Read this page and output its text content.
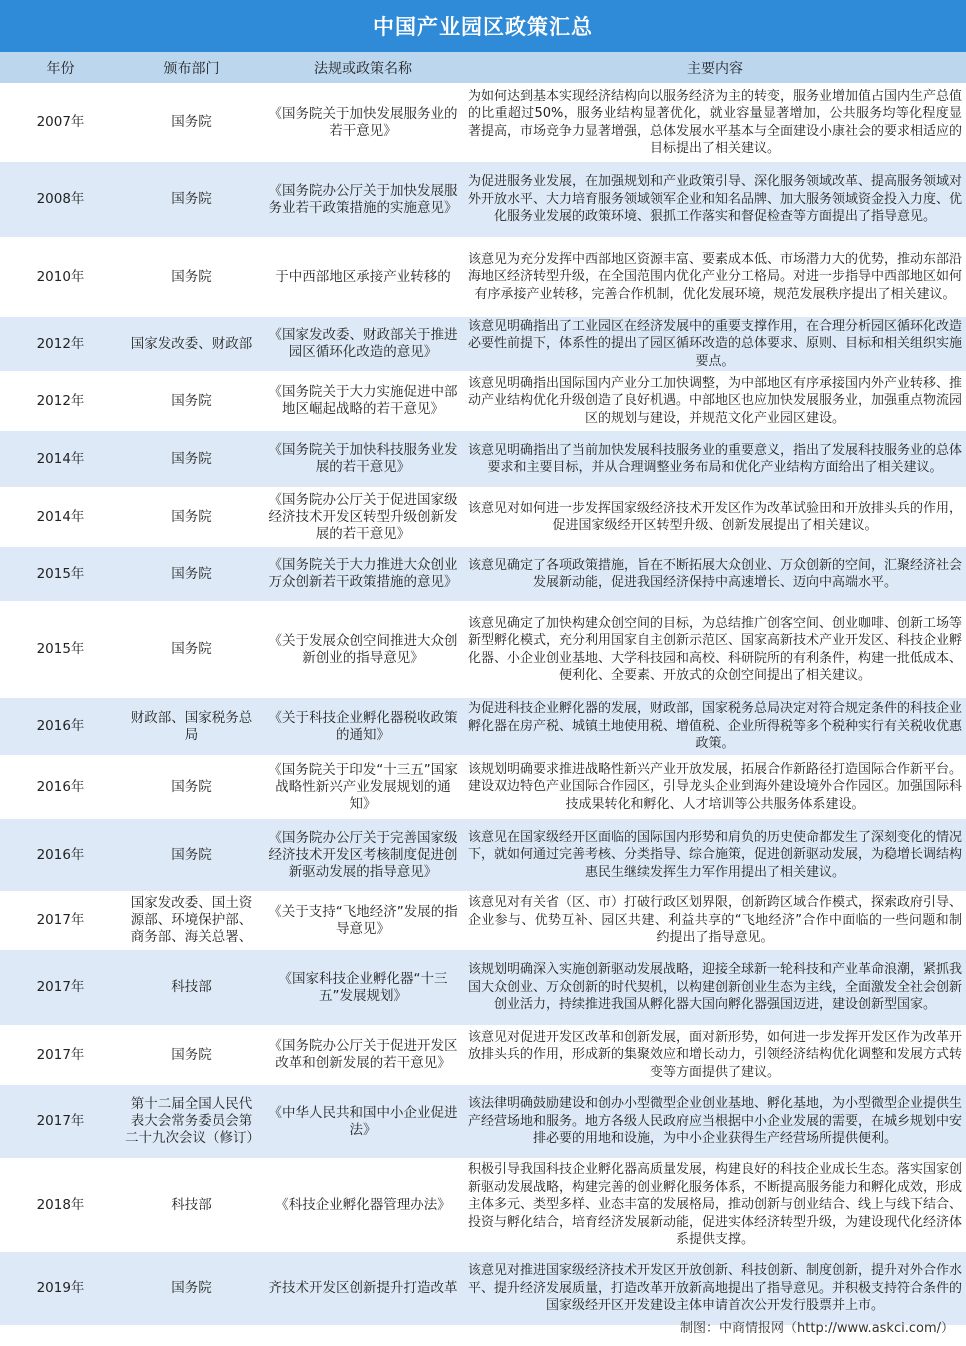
中国产业园区政策汇总
年份	颁布部门	法规或政策名称	主要内容
2007年	国务院	《国务院关于加快发展服务业的若干意见》	为如何达到基本实现经济结构向以服务经济为主的转变，服务业增加值占国内生产总值的比重超过50%，服务业结构显著优化，就业容量显著增加，公共服务均等化程度显著提高，市场竞争力显著增强，总体发展水平基本与全面建设小康社会的要求相适应的目标提出了相关建议。
2008年	国务院	《国务院办公厅关于加快发展服务业若干政策措施的实施意见》	为促进服务业发展，在加强规划和产业政策引导、深化服务领域改革、提高服务领域对外开放水平、大力培育服务领域领军企业和知名品牌、加大服务领域资金投入力度、优化服务业发展的政策环境、狠抓工作落实和督促检查等方面提出了指导意见。
2010年	国务院	于中西部地区承接产业转移的	该意见为充分发挥中西部地区资源丰富、要素成本低、市场潜力大的优势，推动东部沿海地区经济转型升级，在全国范围内优化产业分工格局。对进一步指导中西部地区如何有序承接产业转移，完善合作机制，优化发展环境，规范发展秩序提出了相关建议。
2012年	国家发改委、财政部	《国家发改委、财政部关于推进园区循环化改造的意见》	该意见明确指出了工业园区在经济发展中的重要支撑作用，在合理分析园区循环化改造必要性前提下，体系性的提出了园区循环改造的总体要求、原则、目标和相关组织实施要点。
2012年	国务院	《国务院关于大力实施促进中部地区崛起战略的若干意见》	该意见明确指出国际国内产业分工加快调整，为中部地区有序承接国内外产业转移、推动产业结构优化升级创造了良好机遇。中部地区也应加快发展服务业，加强重点物流园区的规划与建设，并规范文化产业园区建设。
2014年	国务院	《国务院关于加快科技服务业发展的若干意见》	该意见明确指出了当前加快发展科技服务业的重要意义，指出了发展科技服务业的总体要求和主要目标，并从合理调整业务布局和优化产业结构方面给出了相关建议。
2014年	国务院	《国务院办公厅关于促进国家级经济技术开发区转型升级创新发展的若干意见》	该意见对如何进一步发挥国家级经济技术开发区作为改革试验田和开放排头兵的作用，促进国家级经开区转型升级、创新发展提出了相关建议。
2015年	国务院	《国务院关于大力推进大众创业万众创新若干政策措施的意见》	该意见确定了各项政策措施，旨在不断拓展大众创业、万众创新的空间，汇聚经济社会发展新动能，促进我国经济保持中高速增长、迈向中高端水平。
2015年	国务院	《关于发展众创空间推进大众创新创业的指导意见》	该意见确定了加快构建众创空间的目标，为总结推广创客空间、创业咖啡、创新工场等新型孵化模式，充分利用国家自主创新示范区、国家高新技术产业开发区、科技企业孵化器、小企业创业基地、大学科技园和高校、科研院所的有利条件，构建一批低成本、便利化、全要素、开放式的众创空间提出了相关建议。
2016年	财政部、国家税务总局	《关于科技企业孵化器税收政策的通知》	为促进科技企业孵化器的发展，财政部，国家税务总局决定对符合规定条件的科技企业孵化器在房产税、城镇土地使用税、增值税、企业所得税等多个税种实行有关税收优惠政策。
2016年	国务院	《国务院关于印发“十三五”国家战略性新兴产业发展规划的通知》	该规划明确要求推进战略性新兴产业开放发展，拓展合作新路径打造国际合作新平台。建设双边特色产业国际合作园区，引导龙头企业到海外建设境外合作园区。加强国际科技成果转化和孵化、人才培训等公共服务体系建设。
2016年	国务院	《国务院办公厅关于完善国家级经济技术开发区考核制度促进创新驱动发展的指导意见》	该意见在国家级经开区面临的国际国内形势和肩负的历史使命都发生了深刻变化的情况下，就如何通过完善考核、分类指导、综合施策，促进创新驱动发展，为稳增长调结构惠民生继续发挥生力军作用提出了相关建议。
2017年	国家发改委、国土资源部、环境保护部、商务部、海关总署、	《关于支持“飞地经济”发展的指导意见》	该意见对有关省（区、市）打破行政区划界限，创新跨区域合作模式，探索政府引导、企业参与、优势互补、园区共建、利益共享的“飞地经济”合作中面临的一些问题和制约提出了指导意见。
2017年	科技部	《国家科技企业孵化器“十三五”发展规划》	该规划明确深入实施创新驱动发展战略，迎接全球新一轮科技和产业革命浪潮，紧抓我国大众创业、万众创新的时代契机，以构建创新创业生态为主线，全面激发全社会创新创业活力，持续推进我国从孵化器大国向孵化器强国迈进，建设创新型国家。
2017年	国务院	《国务院办公厅关于促进开发区改革和创新发展的若干意见》	该意见对促进开发区改革和创新发展，面对新形势，如何进一步发挥开发区作为改革开放排头兵的作用，形成新的集聚效应和增长动力，引领经济结构优化调整和发展方式转变等方面提供了建议。
2017年	第十二届全国人民代表大会常务委员会第二十九次会议（修订）	《中华人民共和国中小企业促进法》	该法律明确鼓励建设和创办小型微型企业创业基地、孵化基地，为小型微型企业提供生产经营场地和服务。地方各级人民政府应当根据中小企业发展的需要，在城乡规划中安排必要的用地和设施，为中小企业获得生产经营场所提供便利。
2018年	科技部	《科技企业孵化器管理办法》	积极引导我国科技企业孵化器高质量发展，构建良好的科技企业成长生态。落实国家创新驱动发展战略，构建完善的创业孵化服务体系，不断提高服务能力和孵化成效，形成主体多元、类型多样、业态丰富的发展格局，推动创新与创业结合、线上与线下结合、投资与孵化结合，培育经济发展新动能，促进实体经济转型升级，为建设现代化经济体系提供支撑。
2019年	国务院	齐技术开发区创新提升打造改革	该意见对推进国家级经济技术开发区开放创新、科技创新、制度创新，提升对外合作水平、提升经济发展质量，打造改革开放新高地提出了指导意见。并积极支持符合条件的国家级经开区开发建设主体申请首次公开发行股票并上市。
制图：中商情报网（http://www.askci.com/）
